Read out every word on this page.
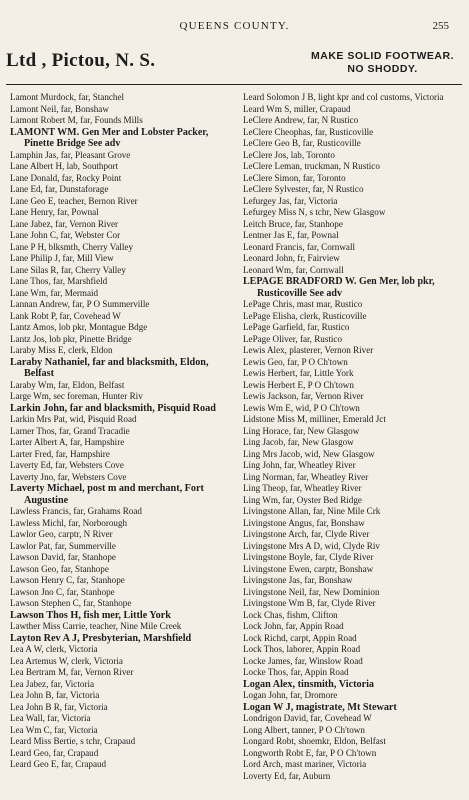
QUEENS COUNTY.	255
Ltd , Pictou, N. S.	MAKE SOLID FOOTWEAR.
NO SHODDY.
Lamont Murdock, far, Stanchel
Lamont Neil, far, Bonshaw
Lamont Robert M, far, Founds Mills
LAMONT WM. Gen Mer and Lobster Packer, Pinette Bridge See adv
Lamphin Jas, far, Pleasant Grove
Lane Albert H, lab, Southport
Lane Donald, far, Rocky Point
Lane Ed, far, Dunstaforage
Lane Geo E, teacher, Bernon River
Lane Henry, far, Pownal
Lane Jabez, far, Vernon River
Lane John C, far, Webster Cor
Lane P H, blksmth, Cherry Valley
Lane Philip J, far, Mill View
Lane Silas R, far, Cherry Valley
Lane Thos, far, Marshfield
Lane Wm, far, Mermaid
Lannan Andrew, far, P O Summerville
Lank Robt P, far, Covehead W
Lantz Amos, lob pkr, Montague Bdge
Lantz Jos, lob pkr, Pinette Bridge
Laraby Miss E, clerk, Eldon
Laraby Nathaniel, far and blacksmith, Eldon, Belfast
Laraby Wm, far, Eldon, Belfast
Large Wm, sec foreman, Hunter Riv
Larkin John, far and blacksmith, Pisquid Road
Larkin Mrs Pat, wid, Pisquid Road
Larner Thos, far, Grand Tracadie
Larter Albert A, far, Hampshire
Larter Fred, far, Hampshire
Laverty Ed, far, Websters Cove
Laverty Jno, far, Websters Cove
Laverty Michael, post m and merchant, Fort Augustine
Lawless Francis, far, Grahams Road
Lawless Michl, far, Norborough
Lawlor Geo, carptr, N River
Lawlor Pat, far, Summerville
Lawson David, far, Stanhope
Lawson Geo, far, Stanhope
Lawson Henry C, far, Stanhope
Lawson Jno C, far, Stanhope
Lawson Stephen C, far, Stanhope
Lawson Thos H, fish mer, Little York
Lawther Miss Carrie, teacher, Nine Mile Creek
Layton Rev A J, Presbyterian, Marshfield
Lea A W, clerk, Victoria
Lea Artemus W, clerk, Victoria
Lea Bertram M, far, Vernon River
Lea Jabez, far, Victoria
Lea John B, far, Victoria
Lea John B R, far, Victoria
Lea Wall, far, Victoria
Lea Wm C, far, Victoria
Leard Miss Bertie, s tchr, Crapaud
Leard Geo, far, Crapaud
Leard Geo E, far, Crapaud
Leard Solomon J B, light kpr and col customs, Victoria
Leard Wm S, miller, Crapaud
LeClere Andrew, far, N Rustico
LeClere Cheophas, far, Rusticoville
LeClere Geo B, far, Rusticoville
LeClere Jos, lab, Toronto
LeClere Leman, truckman, N Rustico
LeClere Simon, far, Toronto
LeClere Sylvester, far, N Rustico
Lefurgey Jas, far, Victoria
Lefurgey Miss N, s tchr, New Glasgow
Leitch Bruce, far, Stanhope
Lentner Jas E, far, Pownal
Leonard Francis, far, Cornwall
Leonard John, fr, Fairview
Leonard Wm, far, Cornwall
LEPAGE BRADFORD W. Gen Mer, lob pkr, Rusticoville See adv
LePage Chris, mast mar, Rustico
LePage Elisha, clerk, Rusticoville
LePage Garfield, far, Rustico
LePage Oliver, far, Rustico
Lewis Alex, plasterer, Vernon River
Lewis Geo, far, P O Ch'town
Lewis Herbert, far, Little York
Lewis Herbert E, P O Ch'town
Lewis Jackson, far, Vernon River
Lewis Wm E, wid, P O Ch'town
Lidstone Miss M, milliner, Emerald Jct
Ling Horace, far, New Glasgow
Ling Jacob, far, New Glasgow
Ling Mrs Jacob, wid, New Glasgow
Ling John, far, Wheatley River
Ling Norman, far, Wheatley River
Ling Theop, far, Wheatley River
Ling Wm, far, Oyster Bed Ridge
Livingstone Allan, far, Nine Mile Crk
Livingstone Angus, far, Bonshaw
Livingstone Arch, far, Clyde River
Livingstone Mrs A D, wid, Clyde Riv
Livingstone Boyle, far, Clyde River
Livingstone Ewen, carptr, Bonshaw
Livingstone Jas, far, Bonshaw
Livingstone Neil, far, New Dominion
Livingstone Wm B, far, Clyde River
Lock Chas, fishm, Clifton
Lock John, far, Appin Road
Lock Richd, carpt, Appin Road
Lock Thos, laborer, Appin Road
Locke James, far, Winslow Road
Locke Thos, far, Appin Road
Logan Alex, tinsmith, Victoria
Logan John, far, Dromore
Logan W J, magistrate, Mt Stewart
Londrigon David, far, Covehead W
Long Albert, tanner, P O Ch'town
Longard Robt, shoemkr, Eldon, Belfast
Longworth Robt E, far, P O Ch'town
Lord Arch, mast mariner, Victoria
Loverty Ed, far, Auburn
